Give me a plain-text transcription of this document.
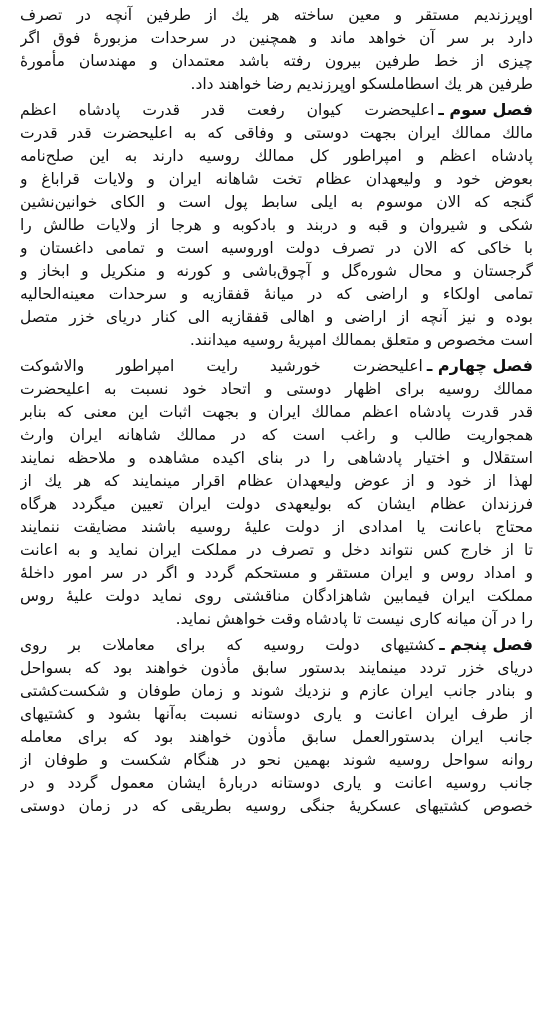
اوپرزندیم مستقر و معین ساخته هر یك از طرفین آنچه در تصرف
دارد بر سر آن خواهد ماند و همچنین در سرحدات مزبورهٔ فوق اگر
چیزی از خط طرفین بیرون رفته باشد معتمدان و مهندسان مأمورهٔ
طرفین هر یك اسطاملسکو اوپرزندیم رضا خواهند داد.
فصل سوم ـ
اعلیحضرت کیوان رفعت قدر قدرت پادشاه اعظم
مالك ممالك ایران بجهت دوستی و وفاقی که به اعلیحضرت قدر قدرت
پادشاه اعظم و امپراطور کل ممالك روسیه دارند به این صلح‌نامه
بعوض خود و ولیعهدان عظام تخت شاهانه ایران و ولایات قراباغ و
گنجه که الان موسوم به ایلی سابط پول است و الکای خوانین‌نشین
شکی و شیروان و قبه و دربند و بادکوبه و هرجا از ولایات طالش را
با خاکی که الان در تصرف دولت اوروسیه است و تمامی داغستان و
گرجستان و محال شوره‌گل و آچوق‌باشی و کورنه و منکریل و ابخاز و
تمامی اولکاء و اراضی که در میانهٔ قفقازیه و سرحدات معینه‌الحالیه
بوده و نیز آنچه از اراضی و اهالی قفقازیه الی کنار دریای خزر متصل
است مخصوص و متعلق بممالك امپریهٔ روسیه میدانند.
فصل چهارم ـ
اعلیحضرت خورشید رایت امپراطور والاشوکت
ممالك روسیه برای اظهار دوستی و اتحاد خود نسبت به اعلیحضرت
قدر قدرت پادشاه اعظم ممالك ایران و بجهت اثبات این معنی که بنابر
همجواریت طالب و راغب است که در ممالك شاهانه ایران وارث
استقلال و اختیار پادشاهی را در بنای اکیده مشاهده و ملاحظه نمایند
لهذا از خود و از عوض ولیعهدان عظام اقرار مینمایند که هر یك از
فرزندان عظام ایشان که بولیعهدی دولت ایران تعیین میگردد هرگاه
محتاج باعانت یا امدادی از دولت علیهٔ روسیه باشند مضایقت ننمایند
تا از خارج کس نتواند دخل و تصرف در مملکت ایران نماید و به اعانت
و امداد روس و ایران مستقر و مستحکم گردد و اگر در سر امور داخلهٔ
مملکت ایران فیمابین شاهزادگان مناقشتی روی نماید دولت علیهٔ روس
را در آن میانه کاری نیست تا پادشاه وقت خواهش نماید.
فصل پنجم ـ
کشتیهای دولت روسیه که برای معاملات بر روی
دریای خزر تردد مینمایند بدستور سابق مأذون خواهند بود که بسواحل
و بنادر جانب ایران عازم و نزدیك شوند و زمان طوفان و شکست‌کشتی
از طرف ایران اعانت و یاری دوستانه نسبت به‌آنها بشود و کشتیهای
جانب ایران بدستورالعمل سابق مأذون خواهند بود که برای معامله
روانه سواحل روسیه شوند بهمین نحو در هنگام شکست و طوفان از
جانب روسیه اعانت و یاری دوستانه دربارهٔ ایشان معمول گردد و در
خصوص کشتیهای عسکریهٔ جنگی روسیه بطریقی که در زمان دوستی
